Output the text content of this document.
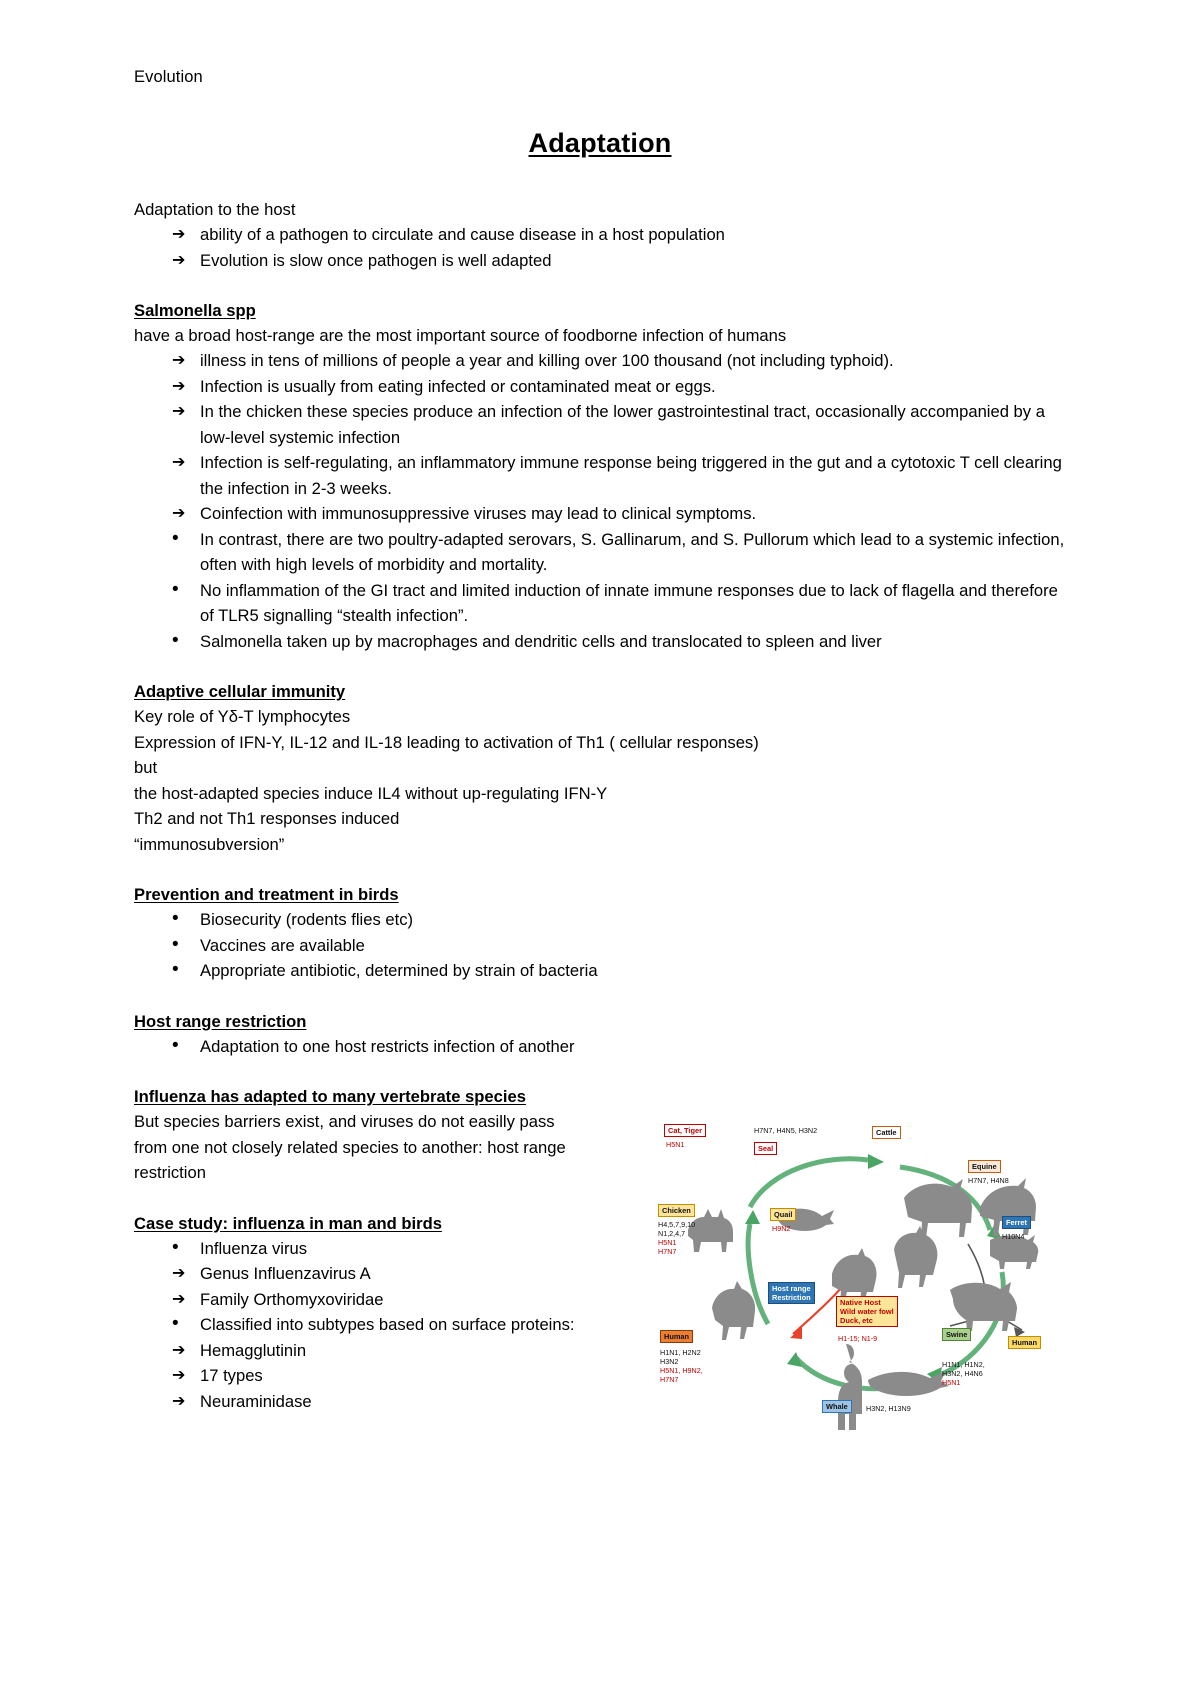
Evolution
Adaptation

Adaptation to the host

➔ ability of a pathogen to circulate and cause disease in a host population
➔ Evolution is slow once pathogen is well adapted
Salmonella spp

have a broad host-range are the most important source of foodborne infection of humans

➔ illness in tens of millions of people a year and killing over 100 thousand (not including typhoid).
➔ Infection is usually from eating infected or contaminated meat or eggs.
➔ In the chicken these species produce an infection of the lower gastrointestinal tract, occasionally accompanied by a low-level systemic infection
➔ Infection is self-regulating, an inflammatory immune response being triggered in the gut and a cytotoxic T cell clearing the infection in 2-3 weeks.
➔ Coinfection with immunosuppressive viruses may lead to clinical symptoms.
•	In contrast, there are two poultry-adapted serovars, S. Gallinarum, and S. Pullorum which lead to a systemic infection, often with high levels of morbidity and mortality.
•	No inflammation of the GI tract and limited induction of innate immune responses due to lack of flagella and therefore of TLR5 signalling “stealth infection”.
•	Salmonella taken up by macrophages and dendritic cells and translocated to spleen and liver
Adaptive cellular immunity
Key role of Yδ-T lymphocytes
Expression of IFN-Y, IL-12 and IL-18 leading to activation of Th1 ( cellular responses)
but
the host-adapted species induce IL4 without up-regulating IFN-Y
Th2 and not Th1 responses induced
“immunosubversion”
Prevention and treatment in birds
•	Biosecurity (rodents flies etc)
•	Vaccines are available
•	Appropriate antibiotic, determined by strain of bacteria
Host range restriction
•	Adaptation to one host restricts infection of another
Influenza has adapted to many vertebrate species
But species barriers exist, and viruses do not easilly pass
from one not closely related species to another: host range
restriction
Case study: influenza in man and birds
•	Influenza virus
➔ Genus Influenzavirus A
➔ Family Orthomyxoviridae
•	Classified into subtypes based on surface proteins:
➔ Hemagglutinin
➔ 17 types
➔ Neuraminidase
Cat, Tiger
H5N1	Seal
H7N7, H4N5, H3N2	Cattle
Equine
H7N7, H4N8
Chicken
H4,5,7,9,10
N1,2,4,7
H5N1
H7N7
Quail
H9N2
Ferret
H10N4
Human
H1N1, H2N2
H3N2
H5N1, H9N2,
H7N7
Host range
Restriction
Native Host
Wild water fowl
Duck, etc
H1-15; N1-9	Swine
Human
H1N1, H1N2,
H3N2, H4N6
H5N1
Whale	H3N2, H13N9
